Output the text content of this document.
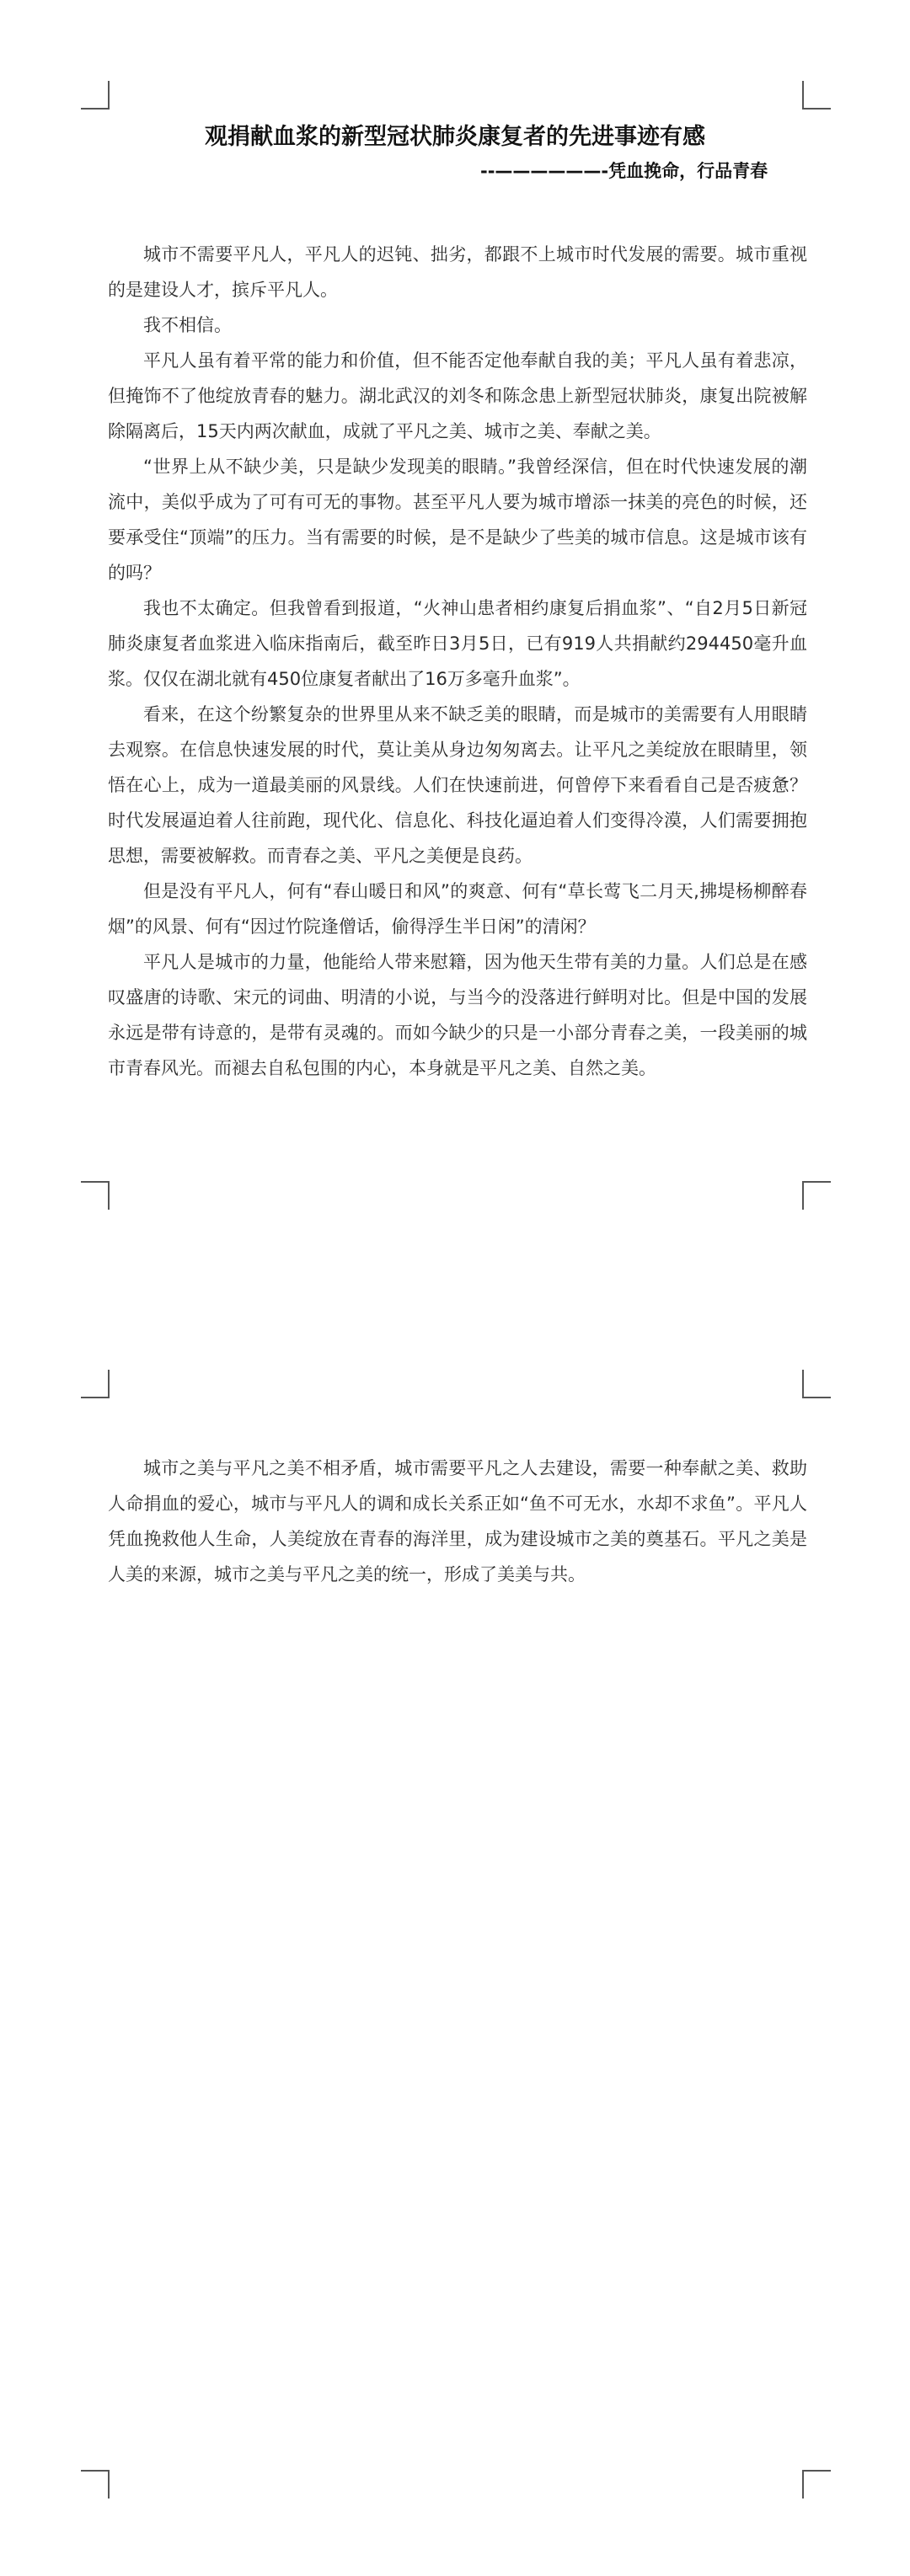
观捐献血浆的新型冠状肺炎康复者的先进事迹有感
--——————-凭血挽命，行品青春

城市不需要平凡人，平凡人的迟钝、拙劣，都跟不上城市时代发展的需要。城市重视的是建设人才，摈斥平凡人。

我不相信。

平凡人虽有着平常的能力和价值，但不能否定他奉献自我的美；平凡人虽有着悲凉，但掩饰不了他绽放青春的魅力。湖北武汉的刘冬和陈念患上新型冠状肺炎，康复出院被解除隔离后，15天内两次献血，成就了平凡之美、城市之美、奉献之美。

“世界上从不缺少美，只是缺少发现美的眼睛。”我曾经深信，但在时代快速发展的潮流中，美似乎成为了可有可无的事物。甚至平凡人要为城市增添一抹美的亮色的时候，还要承受住“顶端”的压力。当有需要的时候，是不是缺少了些美的城市信息。这是城市该有的吗？

我也不太确定。但我曾看到报道，“火神山患者相约康复后捐血浆”、“自2月5日新冠肺炎康复者血浆进入临床指南后，截至昨日3月5日，已有919人共捐献约294450毫升血浆。仅仅在湖北就有450位康复者献出了16万多毫升血浆”。

看来，在这个纷繁复杂的世界里从来不缺乏美的眼睛，而是城市的美需要有人用眼睛去观察。在信息快速发展的时代，莫让美从身边匆匆离去。让平凡之美绽放在眼睛里，领悟在心上，成为一道最美丽的风景线。人们在快速前进，何曾停下来看看自己是否疲惫？时代发展逼迫着人往前跑，现代化、信息化、科技化逼迫着人们变得冷漠，人们需要拥抱思想，需要被解救。而青春之美、平凡之美便是良药。

但是没有平凡人，何有“春山暖日和风”的爽意、何有“草长莺飞二月天,拂堤杨柳醉春烟”的风景、何有“因过竹院逢僧话，偷得浮生半日闲”的清闲？

平凡人是城市的力量，他能给人带来慰籍，因为他天生带有美的力量。人们总是在感叹盛唐的诗歌、宋元的词曲、明清的小说，与当今的没落进行鲜明对比。但是中国的发展永远是带有诗意的，是带有灵魂的。而如今缺少的只是一小部分青春之美，一段美丽的城市青春风光。而褪去自私包围的内心，本身就是平凡之美、自然之美。

城市之美与平凡之美不相矛盾，城市需要平凡之人去建设，需要一种奉献之美、救助人命捐血的爱心，城市与平凡人的调和成长关系正如“鱼不可无水，水却不求鱼”。平凡人凭血挽救他人生命，人美绽放在青春的海洋里，成为建设城市之美的奠基石。平凡之美是人美的来源，城市之美与平凡之美的统一，形成了美美与共。
